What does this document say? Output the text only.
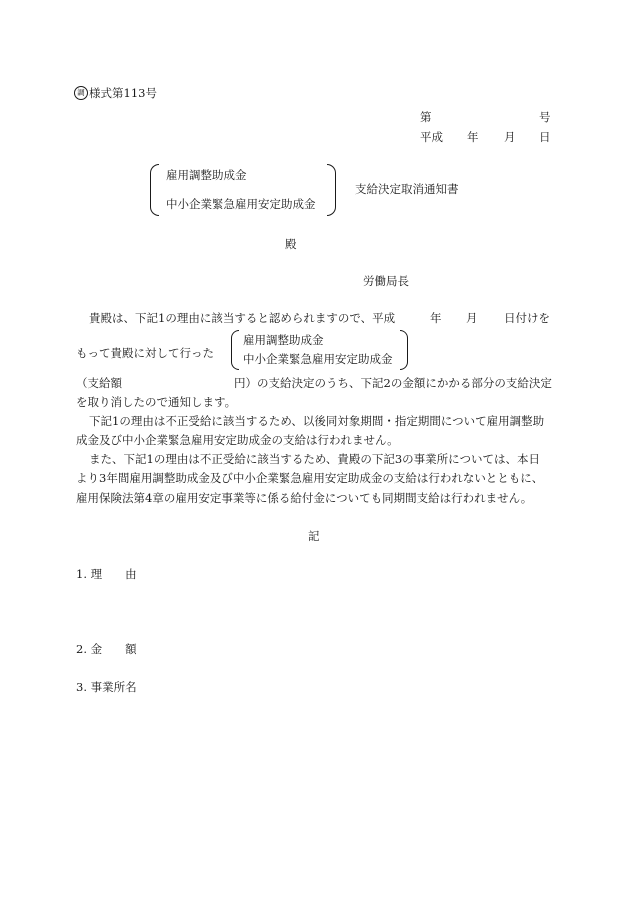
調 様式第113号
第	号
平成 年 月 日
雇用調整助成金
中小企業緊急雇用安定助成金
支給決定取消通知書
殿
労働局長
貴殿は、下記1の理由に該当すると認められますので、平成	年 月 日付けを
もって貴殿に対して行った
雇用調整助成金
中小企業緊急雇用安定助成金
（支給額	円）の支給決定のうち、下記2の金額にかかる部分の支給決定
を取り消したので通知します。
下記1の理由は不正受給に該当するため、以後同対象期間・指定期間について雇用調整助
成金及び中小企業緊急雇用安定助成金の支給は行われません。
また、下記1の理由は不正受給に該当するため、貴殿の下記3の事業所については、本日
より3年間雇用調整助成金及び中小企業緊急雇用安定助成金の支給は行われないとともに、
雇用保険法第4章の雇用安定事業等に係る給付金についても同期間支給は行われません。
記
1. 理　　由
2. 金　　額
3. 事業所名
